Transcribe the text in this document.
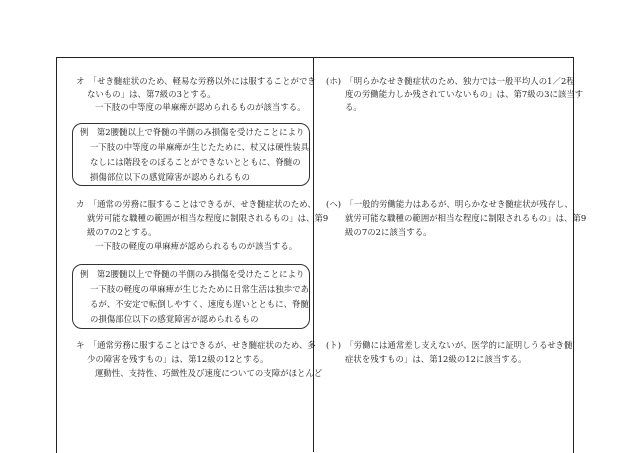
オ　「せき髄症状のため、軽易な労務以外には服することができ
ないもの」は、第7級の3とする。
一下肢の中等度の単麻痺が認められるものが該当する。
例　第2腰髄以上で脊髄の半側のみ損傷を受けたことにより
一下肢の中等度の単麻痺が生じたために、杖又は硬性装具
なしには階段をのぼることができないとともに、脊髄の
損傷部位以下の感覚障害が認められるもの
カ　「通常の労務に服することはできるが、せき髄症状のため、
就労可能な職種の範囲が相当な程度に制限されるもの」は、第9
級の7の2とする。
一下肢の軽度の単麻痺が認められるものが該当する。
例　第2腰髄以上で脊髄の半側のみ損傷を受けたことにより
一下肢の軽度の単麻痺が生じたために日常生活は独歩であ
るが、不安定で転倒しやすく、速度も遅いとともに、脊髄
の損傷部位以下の感覚障害が認められるもの
キ　「通常労務に服することはできるが、せき髄症状のため、多
少の障害を残すもの」は、第12級の12とする。
運動性、支持性、巧緻性及び速度についての支障がほとんど
(ホ)　「明らかなせき髄症状のため、独力では一般平均人の1／2程
度の労働能力しか残されていないもの」は、第7級の3に該当す
る。
(ヘ)　「一般的労働能力はあるが、明らかなせき髄症状が残存し、
就労可能な職種の範囲が相当な程度に制限されるもの」は、第9
級の7の2に該当する。
(ト)　「労働には通常差し支えないが、医学的に証明しうるせき髄
症状を残すもの」は、第12級の12に該当する。
